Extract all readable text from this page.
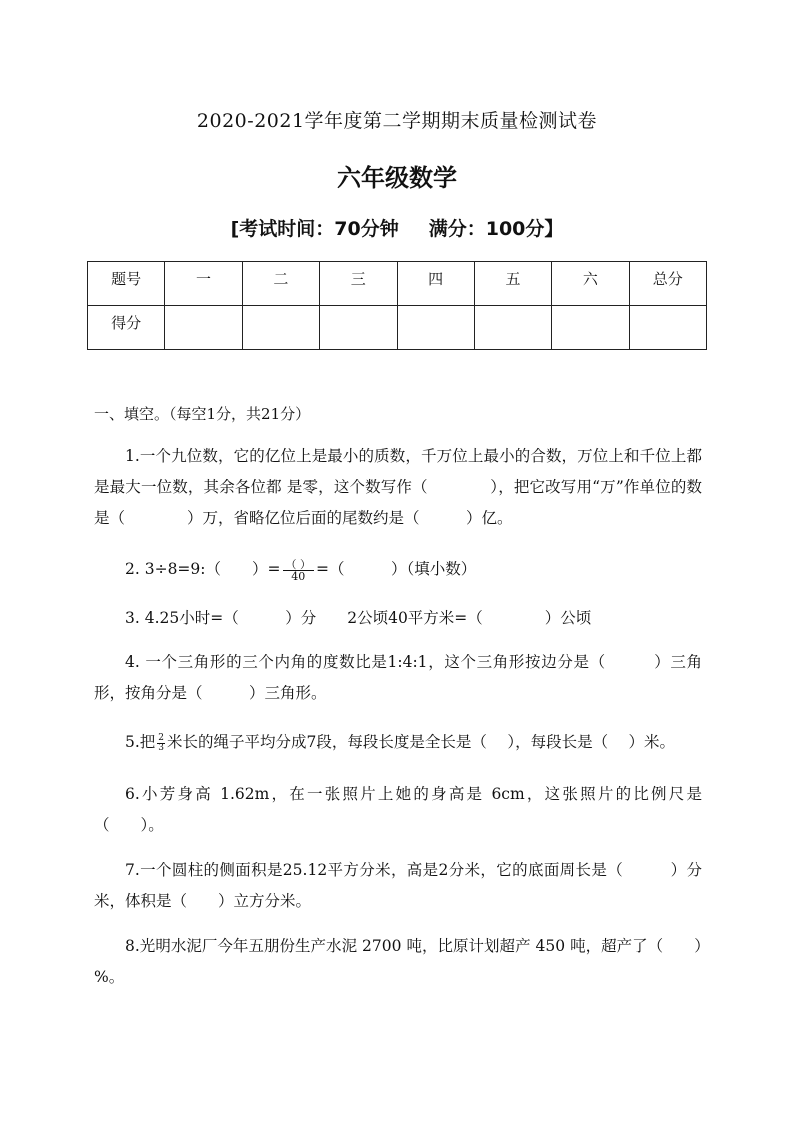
2020-2021学年度第二学期期末质量检测试卷
六年级数学
[考试时间：70分钟 满分：100分】
题号	一	二	三	四	五	六	总分
得分							
一、填空。（每空1分，共21分）
1.一个九位数，它的亿位上是最小的质数，千万位上最小的合数，万位上和千位上都是最大一位数，其余各位都 是零，这个数写作（　　　　），把它改写用“万”作单位的数是（　　　　）万，省略亿位后面的尾数约是（　　　）亿。
2. 3÷8=9:（　　）= $\frac{( )}{40}$ =（　　　）（填小数）
3. 4.25小时=（　　　）分　　2公顷40平方米=（　　　　）公顷
4. 一个三角形的三个内角的度数比是1:4:1，这个三角形按边分是（　　　）三角形，按角分是（　　　）三角形。
5.把 $\frac{2}{3}$ 米长的绳子平均分成7段，每段长度是全长是（　 ），每段长是（　 ）米。
6.小芳身高 1.62m，在一张照片上她的身高是 6cm，这张照片的比例尺是（　　）。
7.一个圆柱的侧面积是25.12平方分米，高是2分米，它的底面周长是（　　　）分米，体积是（　　）立方分米。
8.光明水泥厂今年五朋份生产水泥 2700 吨，比原计划超产 450 吨，超产了（　　）%。
